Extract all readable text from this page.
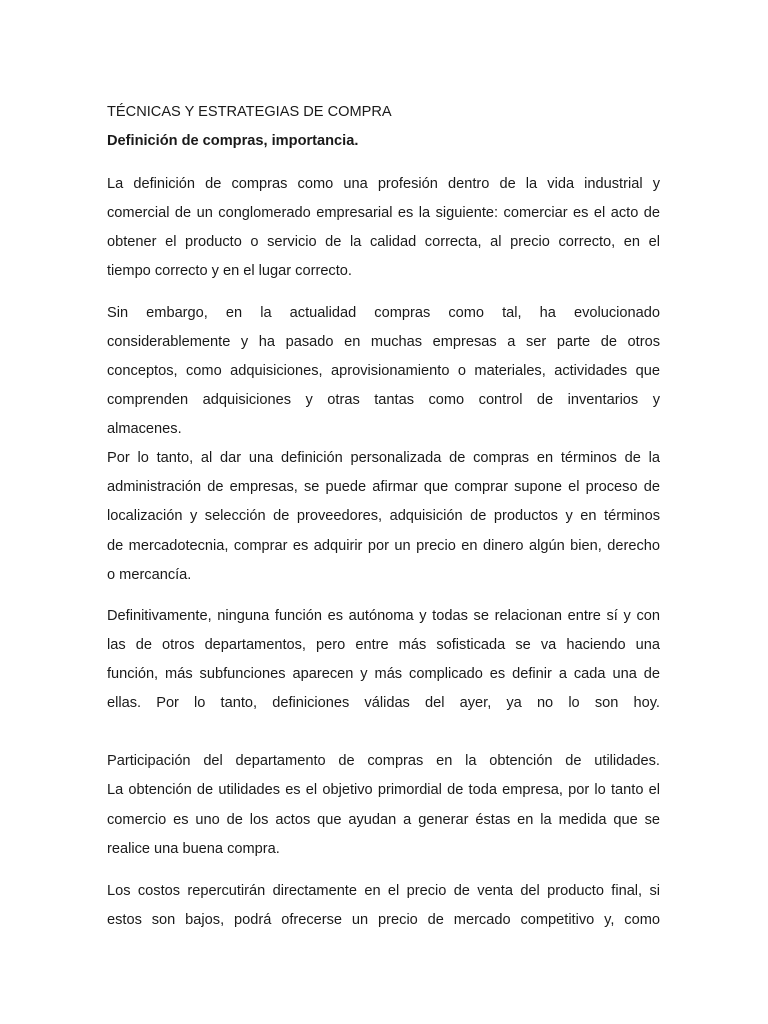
TÉCNICAS Y ESTRATEGIAS DE COMPRA
Definición de compras, importancia.
La definición de compras como una profesión dentro de la vida industrial y
comercial de un conglomerado empresarial es la siguiente: comerciar es el acto de
obtener el producto o servicio de la calidad correcta, al precio correcto, en el
tiempo correcto y en el lugar correcto.
Sin embargo, en la actualidad compras como tal, ha evolucionado
considerablemente y ha pasado en muchas empresas a ser parte de otros
conceptos, como adquisiciones, aprovisionamiento o materiales, actividades que
comprenden adquisiciones y otras tantas como control de inventarios y
almacenes.
Por lo tanto, al dar una definición personalizada de compras en términos de la
administración de empresas, se puede afirmar que comprar supone el proceso de
localización y selección de proveedores, adquisición de productos y en términos
de mercadotecnia, comprar es adquirir por un precio en dinero algún bien, derecho
o mercancía.
Definitivamente, ninguna función es autónoma y todas se relacionan entre sí y con
las de otros departamentos, pero entre más sofisticada se va haciendo una
función, más subfunciones aparecen y más complicado es definir a cada una de
ellas. Por lo tanto, definiciones válidas del ayer, ya no lo son hoy.
Participación del departamento de compras en la obtención de utilidades.
La obtención de utilidades es el objetivo primordial de toda empresa, por lo tanto el
comercio es uno de los actos que ayudan a generar éstas en la medida que se
realice una buena compra.
Los costos repercutirán directamente en el precio de venta del producto final, si
estos son bajos, podrá ofrecerse un precio de mercado competitivo y, como
